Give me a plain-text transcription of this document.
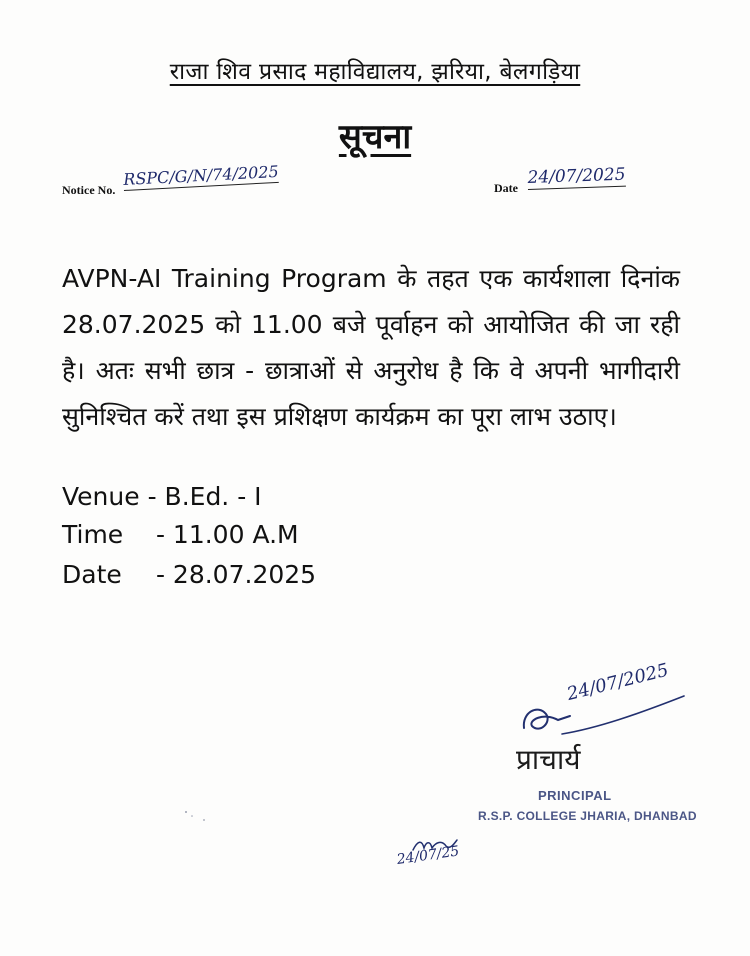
राजा शिव प्रसाद महाविद्यालय, झरिया, बेलगड़िया
सूचना
Notice No.
RSPC/G/N/74/2025	Date 24/07/2025
AVPN-AI Training Program के तहत एक कार्यशाला दिनांक 28.07.2025 को 11.00 बजे पूर्वाहन को आयोजित की जा रही है। अतः सभी छात्र - छात्राओं से अनुरोध है कि वे अपनी भागीदारी सुनिश्चित करें तथा इस प्रशिक्षण कार्यक्रम का पूरा लाभ उठाए।
Venue - B.Ed. - I
Time - 11.00 A.M
Date - 28.07.2025
24/07/2025
प्राचार्य
PRINCIPAL
R.S.P. COLLEGE JHARIA, DHANBAD
24/07/25
